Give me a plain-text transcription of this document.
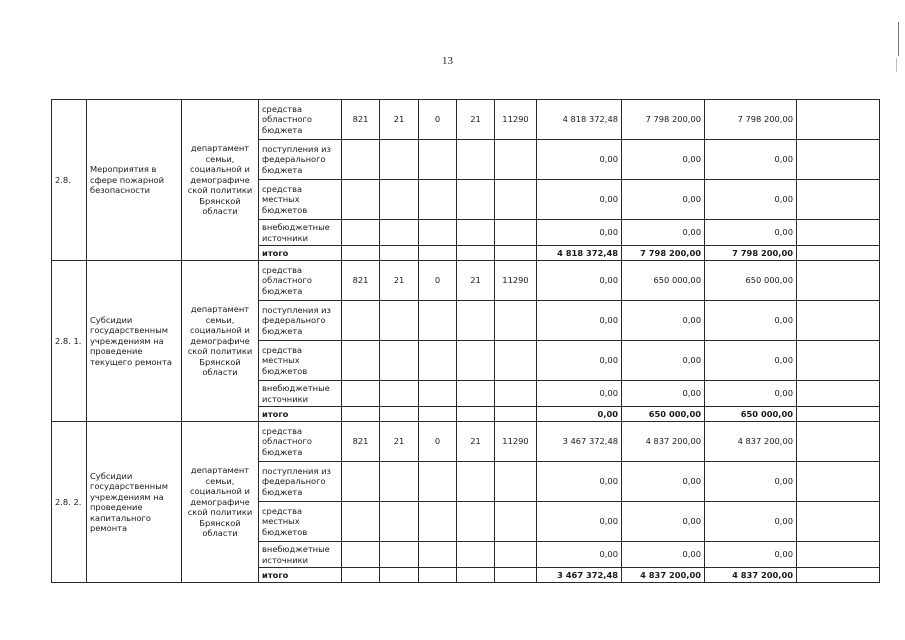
13
2.8.	Мероприятия в сфере пожарной безопасности	департамент семьи, социальной и демографиче ской политики Брянской области	средства областного бюджета	821	21	0	21	11290	4 818 372,48	7 798 200,00	7 798 200,00	
			поступления из федерального бюджета						0,00	0,00	0,00	
			средства местных бюджетов						0,00	0,00	0,00	
			внебюджетные источники						0,00	0,00	0,00	
			итого						4 818 372,48	7 798 200,00	7 798 200,00	
2.8. 1.	Субсидии государственным учреждениям на проведение текущего ремонта	департамент семьи, социальной и демографиче ской политики Брянской области	средства областного бюджета	821	21	0	21	11290	0,00	650 000,00	650 000,00	
			поступления из федерального бюджета						0,00	0,00	0,00	
			средства местных бюджетов						0,00	0,00	0,00	
			внебюджетные источники						0,00	0,00	0,00	
			итого						0,00	650 000,00	650 000,00	
2.8. 2.	Субсидии государственным учреждениям на проведение капитального ремонта	департамент семьи, социальной и демографиче ской политики Брянской области	средства областного бюджета	821	21	0	21	11290	3 467 372,48	4 837 200,00	4 837 200,00	
			поступления из федерального бюджета						0,00	0,00	0,00	
			средства местных бюджетов						0,00	0,00	0,00	
			внебюджетные источники						0,00	0,00	0,00	
			итого						3 467 372,48	4 837 200,00	4 837 200,00	
